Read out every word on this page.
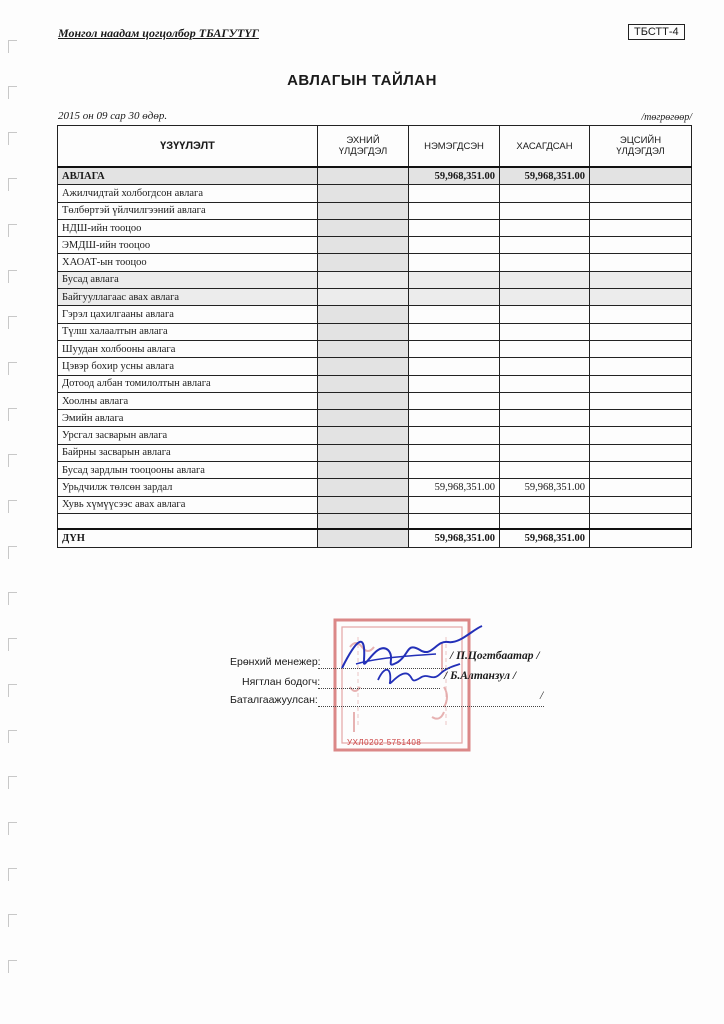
Монгол наадам цогцолбор ТБАГУТҮГ	ТБСТТ-4
АВЛАГЫН ТАЙЛАН
2015 он 09 сар 30 өдөр.	/төгрөгөөр/
ҮЗҮҮЛЭЛТ	ЭХНИЙ ҮЛДЭГДЭЛ	НЭМЭГДСЭН	ХАСАГДСАН	ЭЦСИЙН ҮЛДЭГДЭЛ
АВЛАГА		59,968,351.00	59,968,351.00	
Ажилчидтай холбогдсон авлага				
Төлбөртэй үйлчилгээний авлага				
НДШ-ийн тооцоо				
ЭМДШ-ийн тооцоо				
ХАОАТ-ын тооцоо				
Бусад авлага				
Байгууллагаас авах авлага				
Гэрэл цахилгааны авлага				
Түлш халаалтын авлага				
Шуудан холбооны авлага				
Цэвэр бохир усны авлага				
Дотоод албан томилолтын авлага				
Хоолны авлага				
Эмийн авлага				
Урсгал засварын авлага				
Байрны засварын авлага				
Бусад зардлын тооцооны авлага				
Урьдчилж төлсөн зардал		59,968,351.00	59,968,351.00	
Хувь хүмүүсээс авах авлага				

ДҮН		59,968,351.00	59,968,351.00	
УХЛ0202 5751408
Ерөнхий менежер:	/ П.Цогтбаатар /
Нягтлан бодогч:	/ Б.Алтанзул /
Баталгаажуулсан:	/
